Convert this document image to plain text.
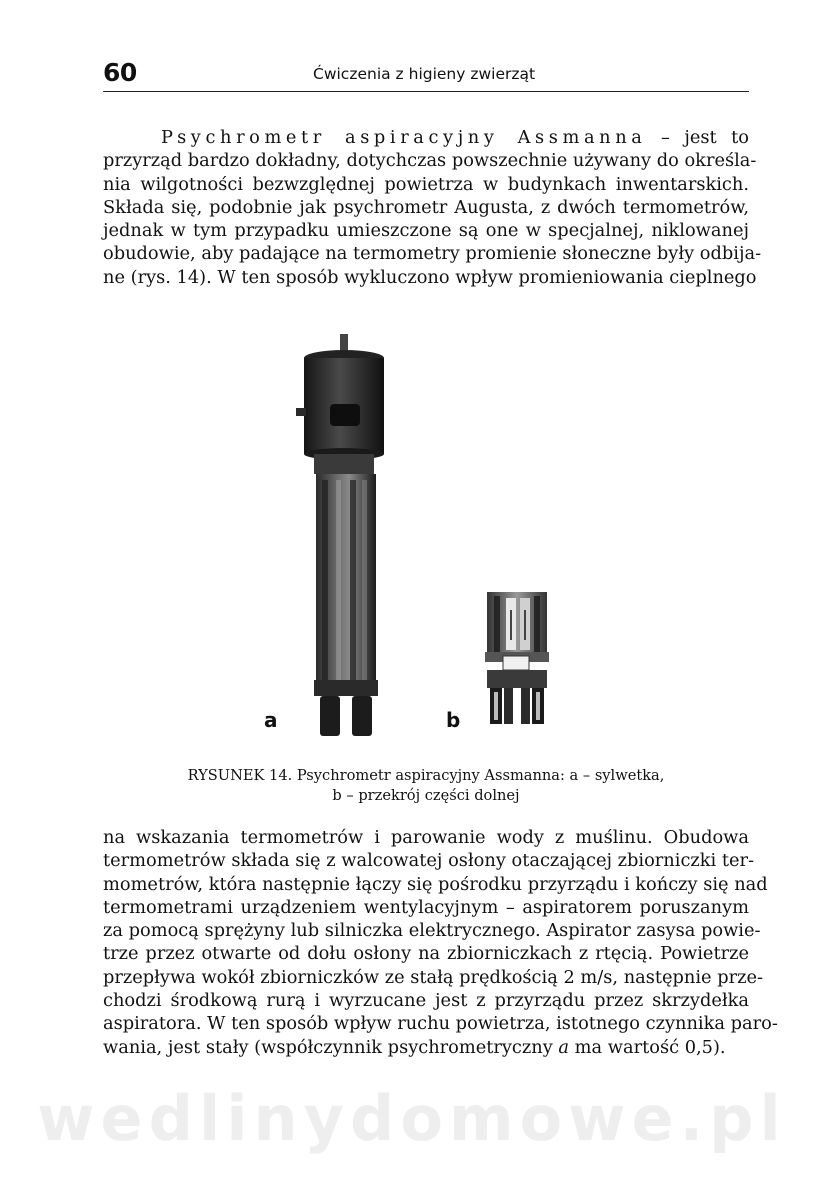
60	Ćwiczenia z higieny zwierząt
Psychrometr aspiracyjny Assmanna – jest to
przyrząd bardzo dokładny, dotychczas powszechnie używany do określa-
nia wilgotności bezwzględnej powietrza w budynkach inwentarskich.
Składa się, podobnie jak psychrometr Augusta, z dwóch termometrów,
jednak w tym przypadku umieszczone są one w specjalnej, niklowanej
obudowie, aby padające na termometry promienie słoneczne były odbija-
ne (rys. 14). W ten sposób wykluczono wpływ promieniowania cieplnego
a	b
RYSUNEK 14. Psychrometr aspiracyjny Assmanna: a – sylwetka,
b – przekrój części dolnej
na wskazania termometrów i parowanie wody z muślinu. Obudowa
termometrów składa się z walcowatej osłony otaczającej zbiorniczki ter-
mometrów, która następnie łączy się pośrodku przyrządu i kończy się nad
termometrami urządzeniem wentylacyjnym – aspiratorem poruszanym
za pomocą sprężyny lub silniczka elektrycznego. Aspirator zasysa powie-
trze przez otwarte od dołu osłony na zbiorniczkach z rtęcią. Powietrze
przepływa wokół zbiorniczków ze stałą prędkością 2 m/s, następnie prze-
chodzi środkową rurą i wyrzucane jest z przyrządu przez skrzydełka
aspiratora. W ten sposób wpływ ruchu powietrza, istotnego czynnika paro-
wania, jest stały (współczynnik psychrometryczny a ma wartość 0,5).
wedlinydomowe.pl
